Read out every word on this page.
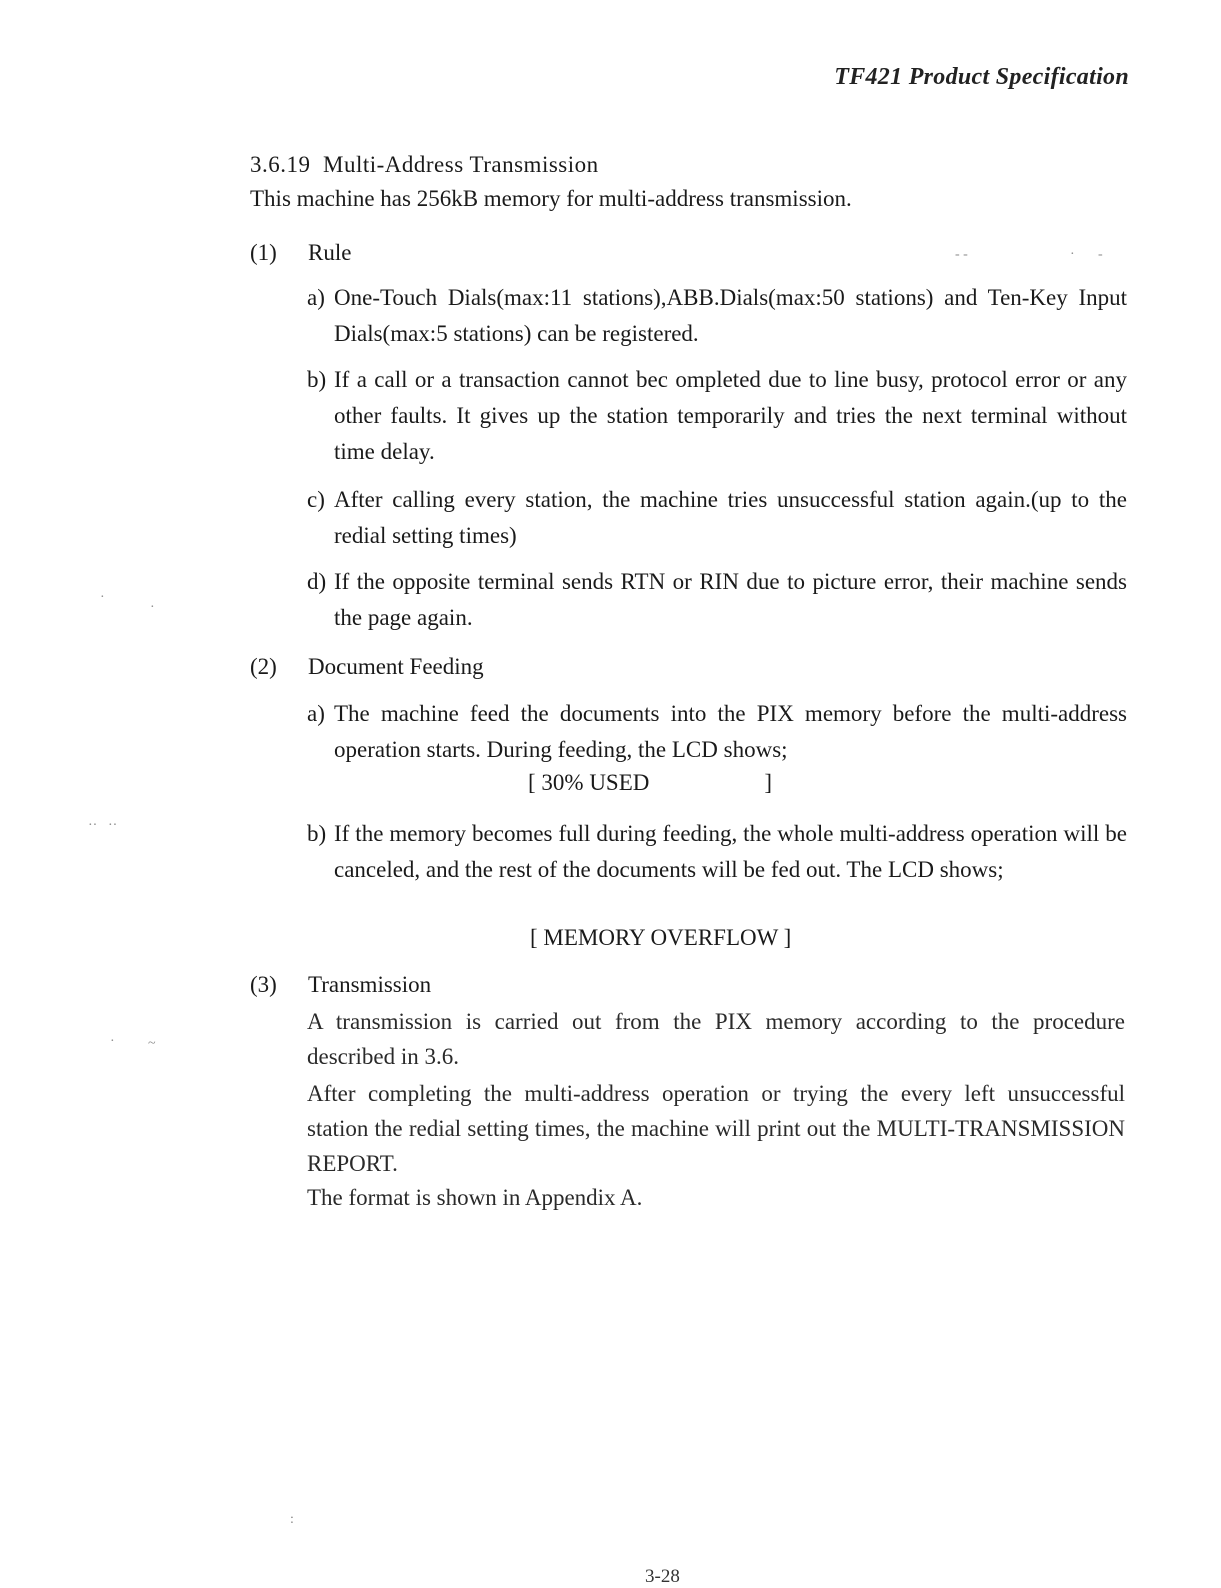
TF421 Product Specification
3.6.19  Multi-Address Transmission
This machine has 256kB memory for multi-address transmission.
(1) Rule
a) One-Touch Dials(max:11 stations),ABB.Dials(max:50 stations) and Ten-Key Input Dials(max:5 stations) can be registered.
b) If a call or a transaction cannot bec ompleted due to line busy, protocol error or any other faults. It gives up the station temporarily and tries the next terminal without time delay.
c) After calling every station, the machine tries unsuccessful station again.(up to the redial setting times)
d) If the opposite terminal sends RTN or RIN due to picture error, their machine sends the page again.
(2) Document Feeding
a) The machine feed the documents into the PIX memory before the multi-address operation starts. During feeding, the LCD shows;
[ 30% USED                    ]
b) If the memory becomes full during feeding, the whole multi-address operation will be canceled, and the rest of the documents will be fed out. The LCD shows;
[ MEMORY OVERFLOW ]
(3) Transmission
A transmission is carried out from the PIX memory according to the procedure described in 3.6.
After completing the multi-address operation or trying the every left unsuccessful station the redial setting times, the machine will print out the MULTI-TRANSMISSION REPORT.
The format is shown in Appendix A.
3-28
·
·
·· ··
· ~
:
- -	· -
